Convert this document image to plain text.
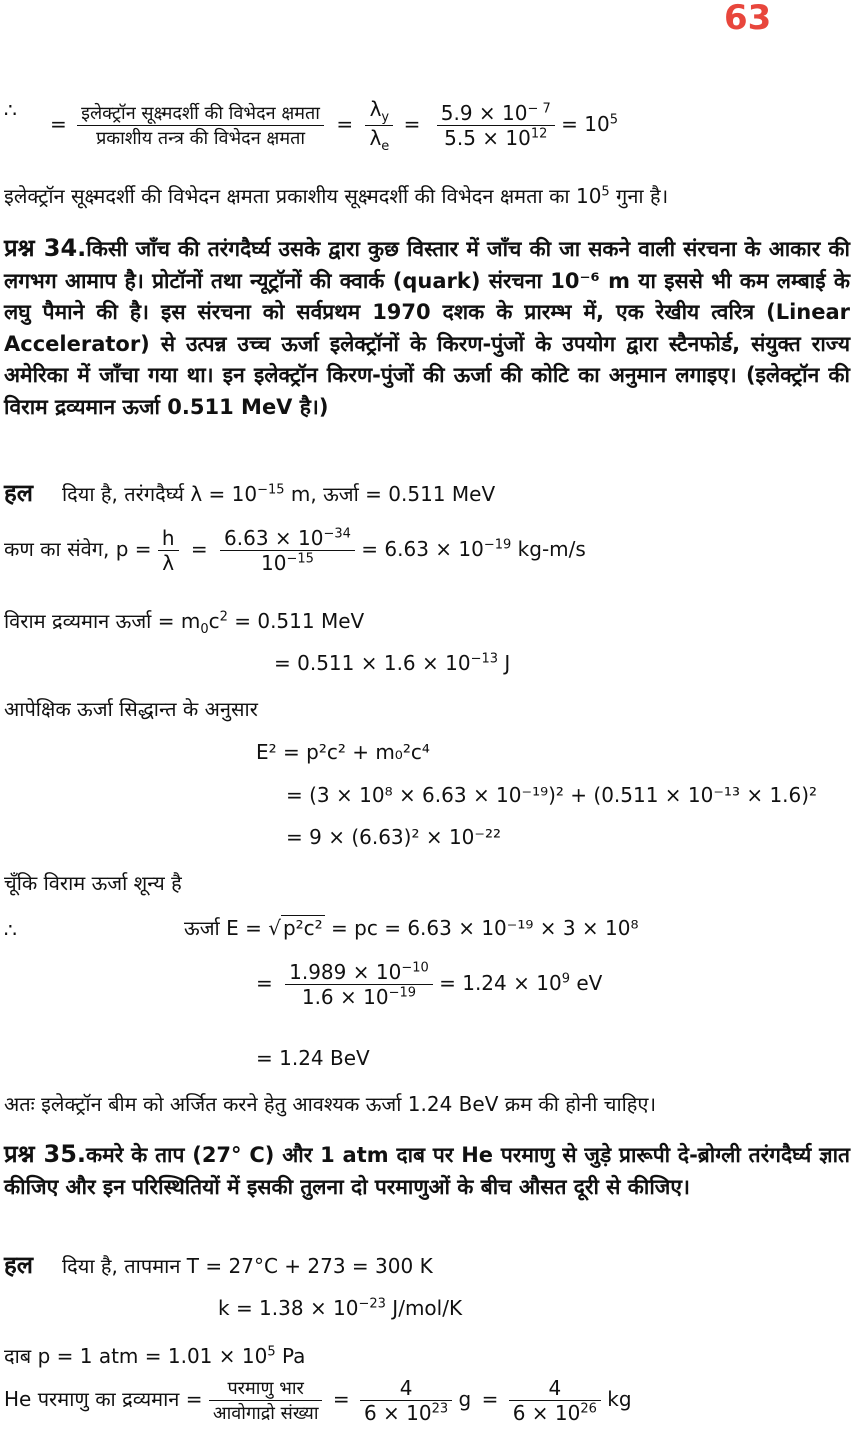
63
∴
= $\frac{\text{इलेक्ट्रॉन सूक्ष्मदर्शी की विभेदन क्षमता}}{\text{प्रकाशीय तन्त्र की विभेदन क्षमता}} = \frac{\lambda_y}{\lambda_e} = \frac{5.9 \times 10^{- 7}}{5.5 \times 10^{12}} = 10^5$
इलेक्ट्रॉन सूक्ष्मदर्शी की विभेदन क्षमता प्रकाशीय सूक्ष्मदर्शी की विभेदन क्षमता का $10^5$ गुना है।
प्रश्न 34.किसी जाँच की तरंगदैर्घ्य उसके द्वारा कुछ विस्तार में जाँच की जा सकने वाली संरचना के आकार की लगभग आमाप है। प्रोटॉनों तथा न्यूट्रॉनों की क्वार्क (quark) संरचना 10⁻⁶ m या इससे भी कम लम्बाई के लघु पैमाने की है। इस संरचना को सर्वप्रथम 1970 दशक के प्रारम्भ में, एक रेखीय त्वरित्र (Linear Accelerator) से उत्पन्न उच्च ऊर्जा इलेक्ट्रॉनों के किरण-पुंजों के उपयोग द्वारा स्टैनफोर्ड, संयुक्त राज्य अमेरिका में जाँचा गया था। इन इलेक्ट्रॉन किरण-पुंजों की ऊर्जा की कोटि का अनुमान लगाइए। (इलेक्ट्रॉन की विराम द्रव्यमान ऊर्जा 0.511 MeV है।)
हल दिया है, तरंगदैर्घ्य $\lambda = 10^{-15}$ m, ऊर्जा = 0.511 MeV
कण का संवेग, $p = \frac{h}{\lambda} = \frac{6.63 \times 10^{-34}}{10^{-15}} = 6.63 \times 10^{-19}$ kg-m/s
विराम द्रव्यमान ऊर्जा = $m_0c^2 = 0.511$ MeV
= $0.511 \times 1.6 \times 10^{-13}$ J
आपेक्षिक ऊर्जा सिद्धान्त के अनुसार
E² = p²c² + m₀²c⁴
= (3 × 10⁸ × 6.63 × 10⁻¹⁹)² + (0.511 × 10⁻¹³ × 1.6)²
= 9 × (6.63)² × 10⁻²²
चूँकि विराम ऊर्जा शून्य है
∴	ऊर्जा E = √ p²c² = pc = 6.63 × 10⁻¹⁹ × 3 × 10⁸
= $\frac{1.989 \times 10^{-10}}{1.6 \times 10^{-19}} = 1.24 \times 10^9$ eV
= 1.24 BeV
अतः इलेक्ट्रॉन बीम को अर्जित करने हेतु आवश्यक ऊर्जा 1.24 BeV क्रम की होनी चाहिए।
प्रश्न 35.कमरे के ताप (27° C) और 1 atm दाब पर He परमाणु से जुड़े प्रारूपी दे-ब्रोग्ली तरंगदैर्घ्य ज्ञात कीजिए और इन परिस्थितियों में इसकी तुलना दो परमाणुओं के बीच औसत दूरी से कीजिए।
हल दिया है, तापमान T = 27°C + 273 = 300 K
$k = 1.38 \times 10^{-23}$ J/mol/K
दाब p = 1 atm = $1.01 \times 10^5$ Pa
He परमाणु का द्रव्यमान = $\frac{\text{परमाणु भार}}{\text{आवोगाद्रो संख्या}} = \frac{4}{6 \times 10^{23}}$ $g = \frac{4}{6 \times 10^{26}}$ kg
